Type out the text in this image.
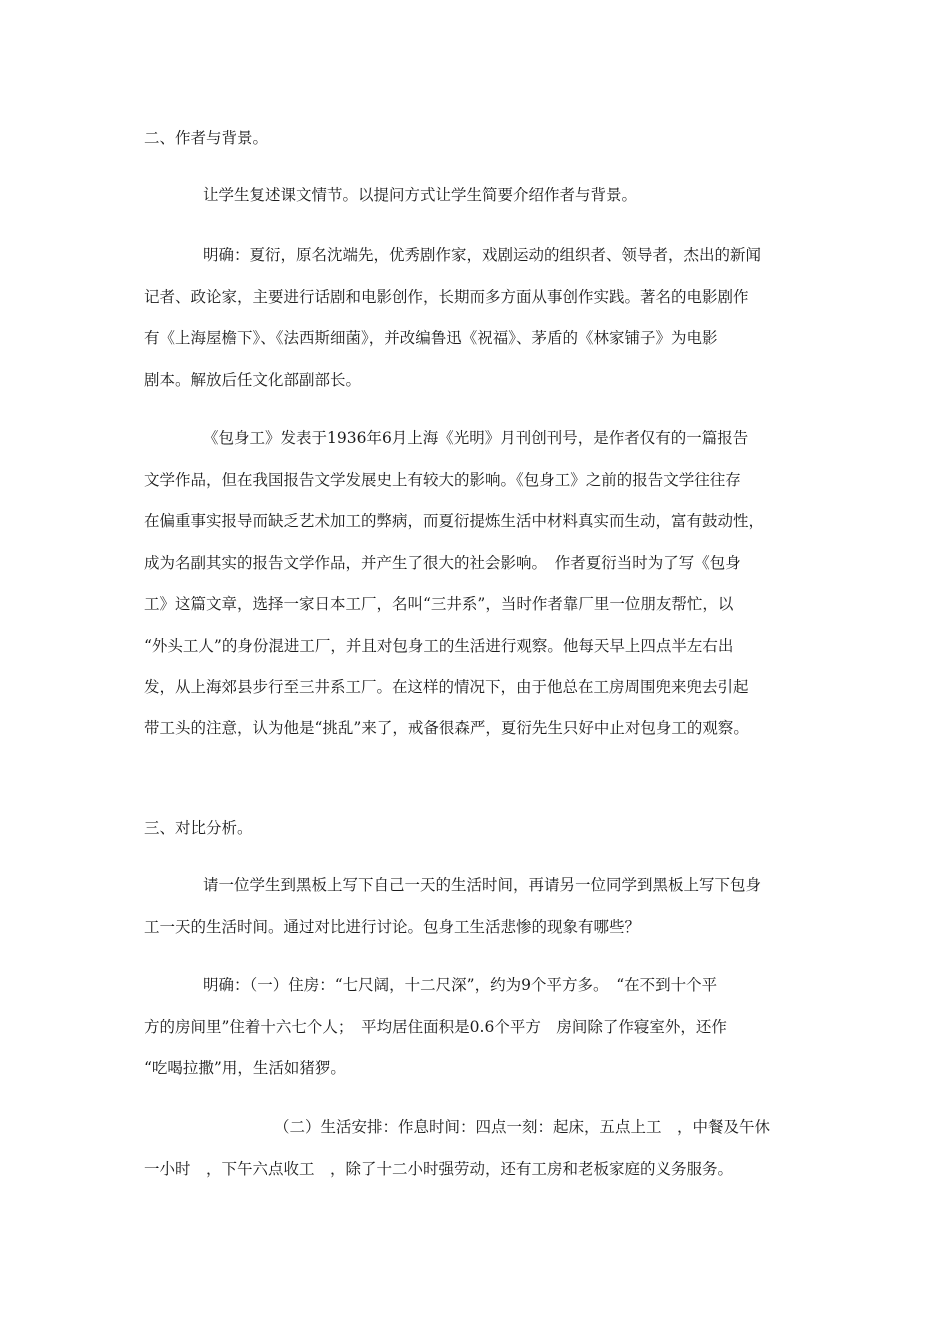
二、作者与背景。
让学生复述课文情节。以提问方式让学生简要介绍作者与背景。
明确：夏衍，原名沈端先，优秀剧作家，戏剧运动的组织者、领导者，杰出的新闻
记者、政论家，主要进行话剧和电影创作，长期而多方面从事创作实践。著名的电影剧作
有《上海屋檐下》、《法西斯细菌》，并改编鲁迅《祝福》、茅盾的《林家铺子》为电影
剧本。解放后任文化部副部长。
《包身工》发表于1936年6月上海《光明》月刊创刊号，是作者仅有的一篇报告
文学作品，但在我国报告文学发展史上有较大的影响。《包身工》之前的报告文学往往存
在偏重事实报导而缺乏艺术加工的弊病，而夏衍提炼生活中材料真实而生动，富有鼓动性，
成为名副其实的报告文学作品，并产生了很大的社会影响。　作者夏衍当时为了写《包身
工》这篇文章，选择一家日本工厂，名叫“三井系”，当时作者靠厂里一位朋友帮忙，以
“外头工人”的身份混进工厂，并且对包身工的生活进行观察。他每天早上四点半左右出
发，从上海郊县步行至三井系工厂。在这样的情况下，由于他总在工房周围兜来兜去引起
带工头的注意，认为他是“挑乱”来了，戒备很森严，夏衍先生只好中止对包身工的观察。
三、对比分析。
请一位学生到黑板上写下自己一天的生活时间，再请另一位同学到黑板上写下包身
工一天的生活时间。通过对比进行讨论。包身工生活悲惨的现象有哪些？
明确：（一）住房：“七尺阔，十二尺深”，约为9个平方多。　“在不到十个平
方的房间里”住着十六七个人；　平均居住面积是0.6个平方　房间除了作寝室外，还作
“吃喝拉撒”用，生活如猪猡。
（二）生活安排：作息时间：四点一刻：起床，五点上工　，中餐及午休
一小时　，下午六点收工　，除了十二小时强劳动，还有工房和老板家庭的义务服务。
